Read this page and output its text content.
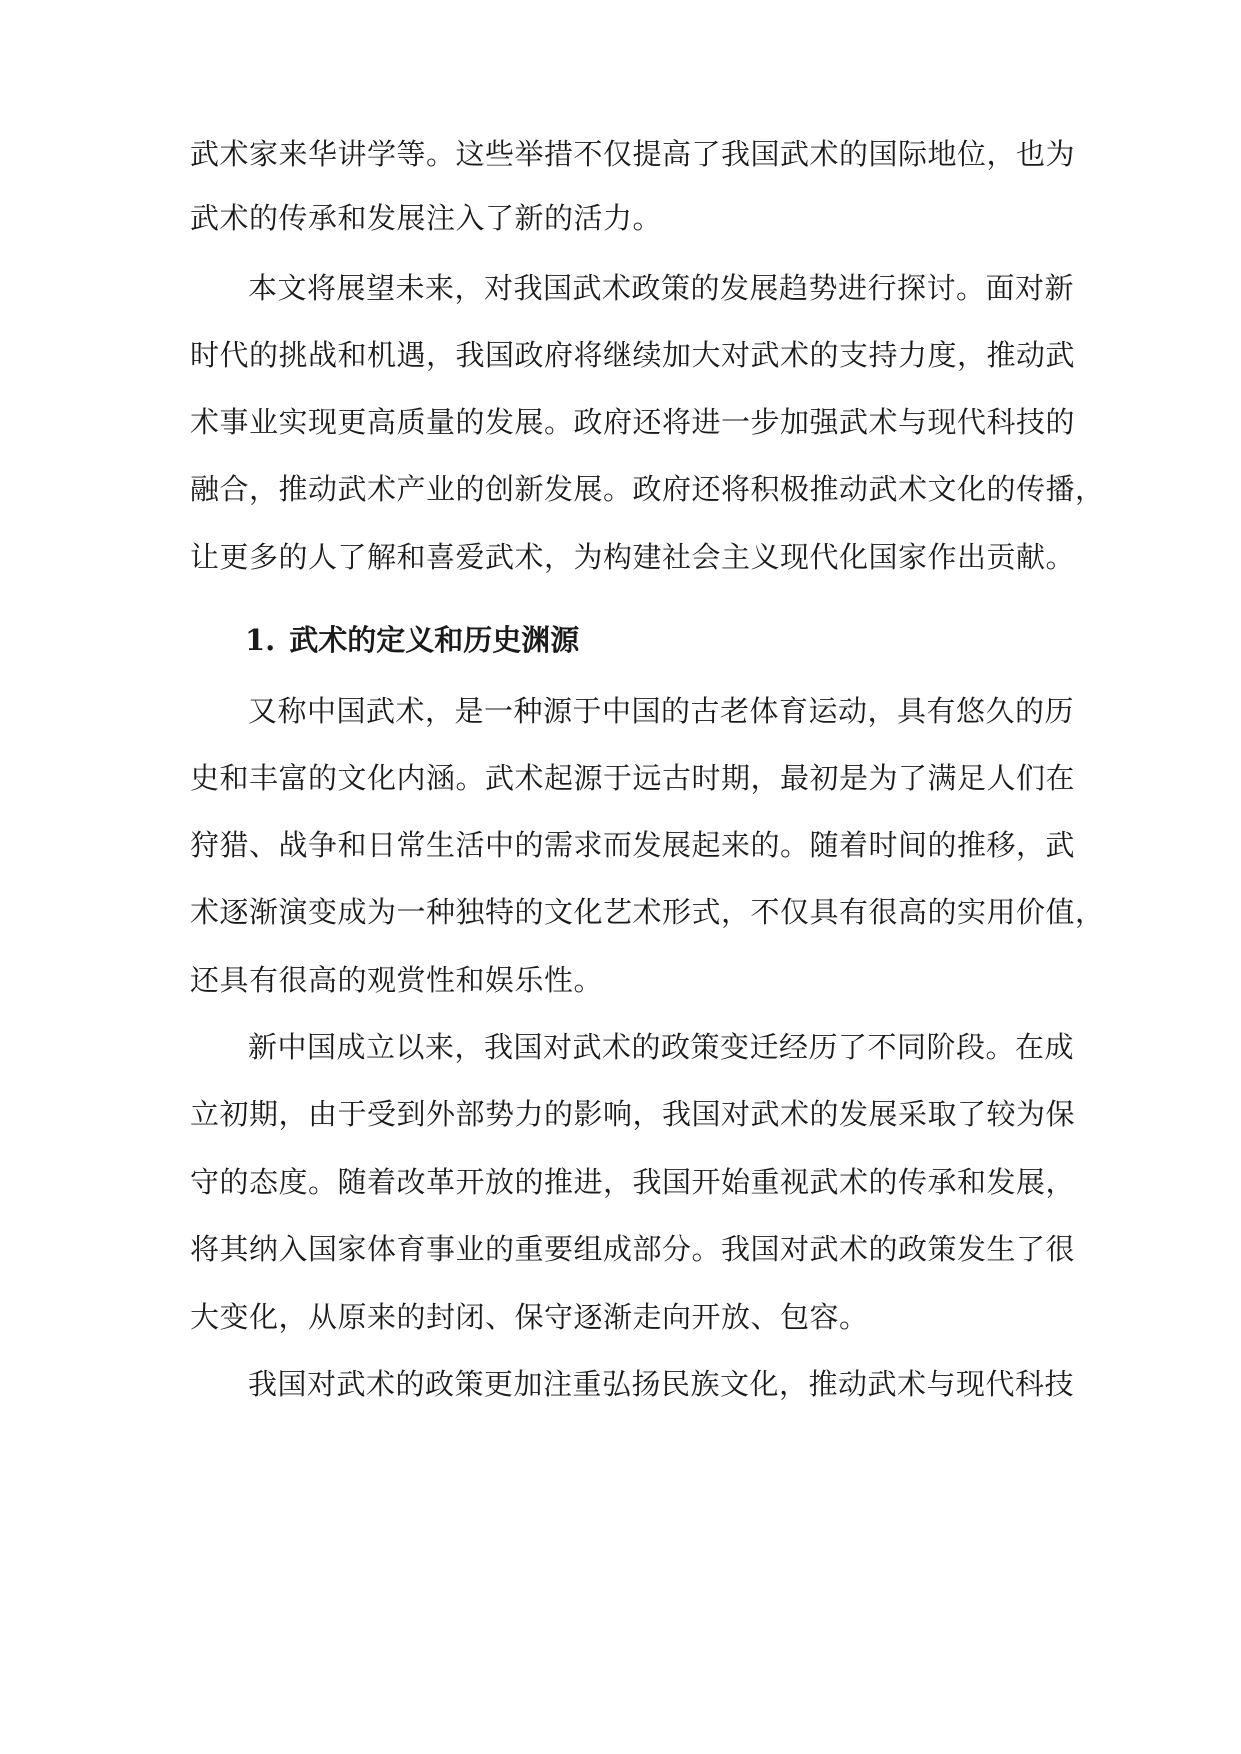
武术家来华讲学等。这些举措不仅提高了我国武术的国际地位，也为
武术的传承和发展注入了新的活力。
本文将展望未来，对我国武术政策的发展趋势进行探讨。面对新
时代的挑战和机遇，我国政府将继续加大对武术的支持力度，推动武
术事业实现更高质量的发展。政府还将进一步加强武术与现代科技的
融合，推动武术产业的创新发展。政府还将积极推动武术文化的传播，
让更多的人了解和喜爱武术，为构建社会主义现代化国家作出贡献。
1. 武术的定义和历史渊源
又称中国武术，是一种源于中国的古老体育运动，具有悠久的历
史和丰富的文化内涵。武术起源于远古时期，最初是为了满足人们在
狩猎、战争和日常生活中的需求而发展起来的。随着时间的推移，武
术逐渐演变成为一种独特的文化艺术形式，不仅具有很高的实用价值，
还具有很高的观赏性和娱乐性。
新中国成立以来，我国对武术的政策变迁经历了不同阶段。在成
立初期，由于受到外部势力的影响，我国对武术的发展采取了较为保
守的态度。随着改革开放的推进，我国开始重视武术的传承和发展，
将其纳入国家体育事业的重要组成部分。我国对武术的政策发生了很
大变化，从原来的封闭、保守逐渐走向开放、包容。
我国对武术的政策更加注重弘扬民族文化，推动武术与现代科技
